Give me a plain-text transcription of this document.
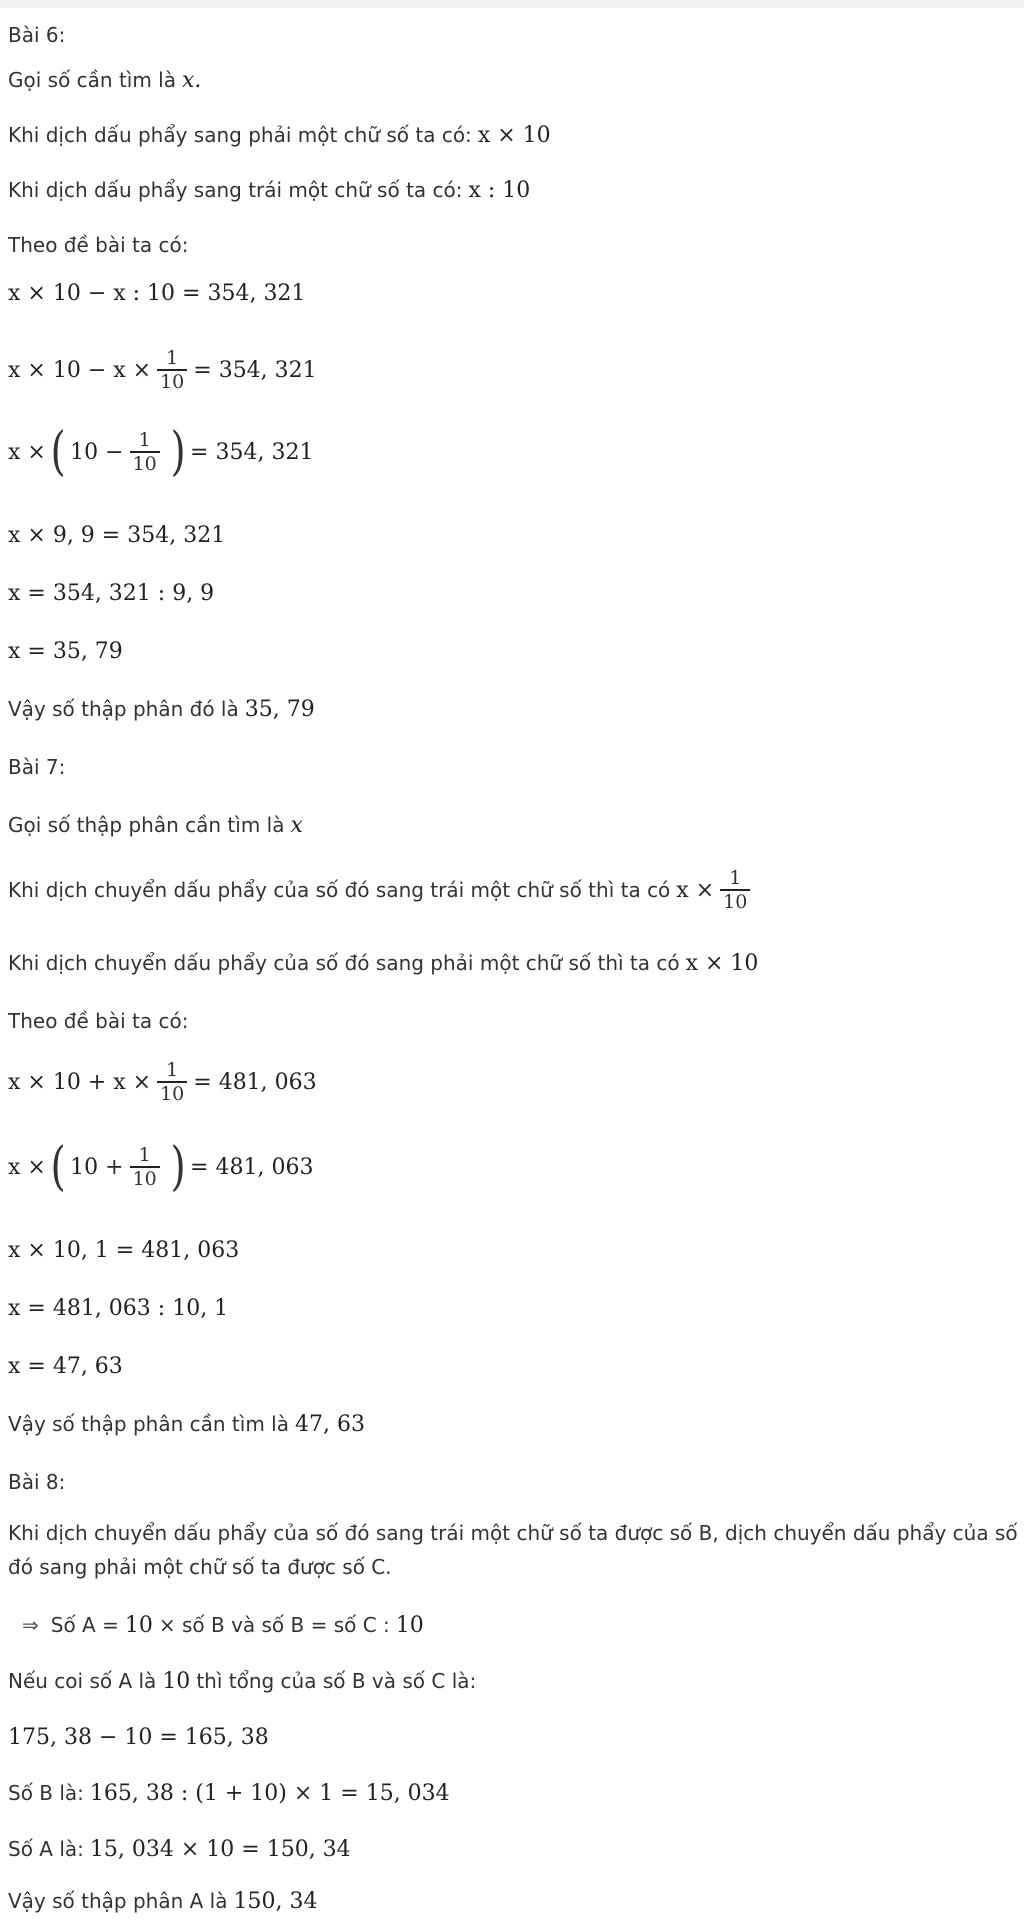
Bài 6:
Gọi số cần tìm là x.
Khi dịch dấu phẩy sang phải một chữ số ta có: x × 10
Khi dịch dấu phẩy sang trái một chữ số ta có: x : 10
Theo đề bài ta có:
x × 10 − x : 10 = 354, 321
$x \times 10 - x \times \frac{1}{10} = 354$, 321
x × ( $10 - \frac{1}{10}$ ) = 354, 321
x × 9, 9 = 354, 321
x = 354, 321 : 9, 9
x = 35, 79
Vậy số thập phân đó là 35, 79
Bài 7:
Gọi số thập phân cần tìm là x
Khi dịch chuyển dấu phẩy của số đó sang trái một chữ số thì ta có $x \times \frac{1}{10}$
Khi dịch chuyển dấu phẩy của số đó sang phải một chữ số thì ta có x × 10
Theo đề bài ta có:
$x \times 10 + x \times \frac{1}{10} = 481$, 063
x × ( $10 + \frac{1}{10}$ ) = 481, 063
x × 10, 1 = 481, 063
x = 481, 063 : 10, 1
x = 47, 63
Vậy số thập phân cần tìm là 47, 63
Bài 8:
Khi dịch chuyển dấu phẩy của số đó sang trái một chữ số ta được số B, dịch chuyển dấu phẩy của số đó sang phải một chữ số ta được số C.
⇒ Số A = 10 × số B và số B = số C : 10
Nếu coi số A là 10 thì tổng của số B và số C là:
175, 38 − 10 = 165, 38
Số B là: 165, 38 : (1 + 10) × 1 = 15, 034
Số A là: 15, 034 × 10 = 150, 34
Vậy số thập phân A là 150, 34
